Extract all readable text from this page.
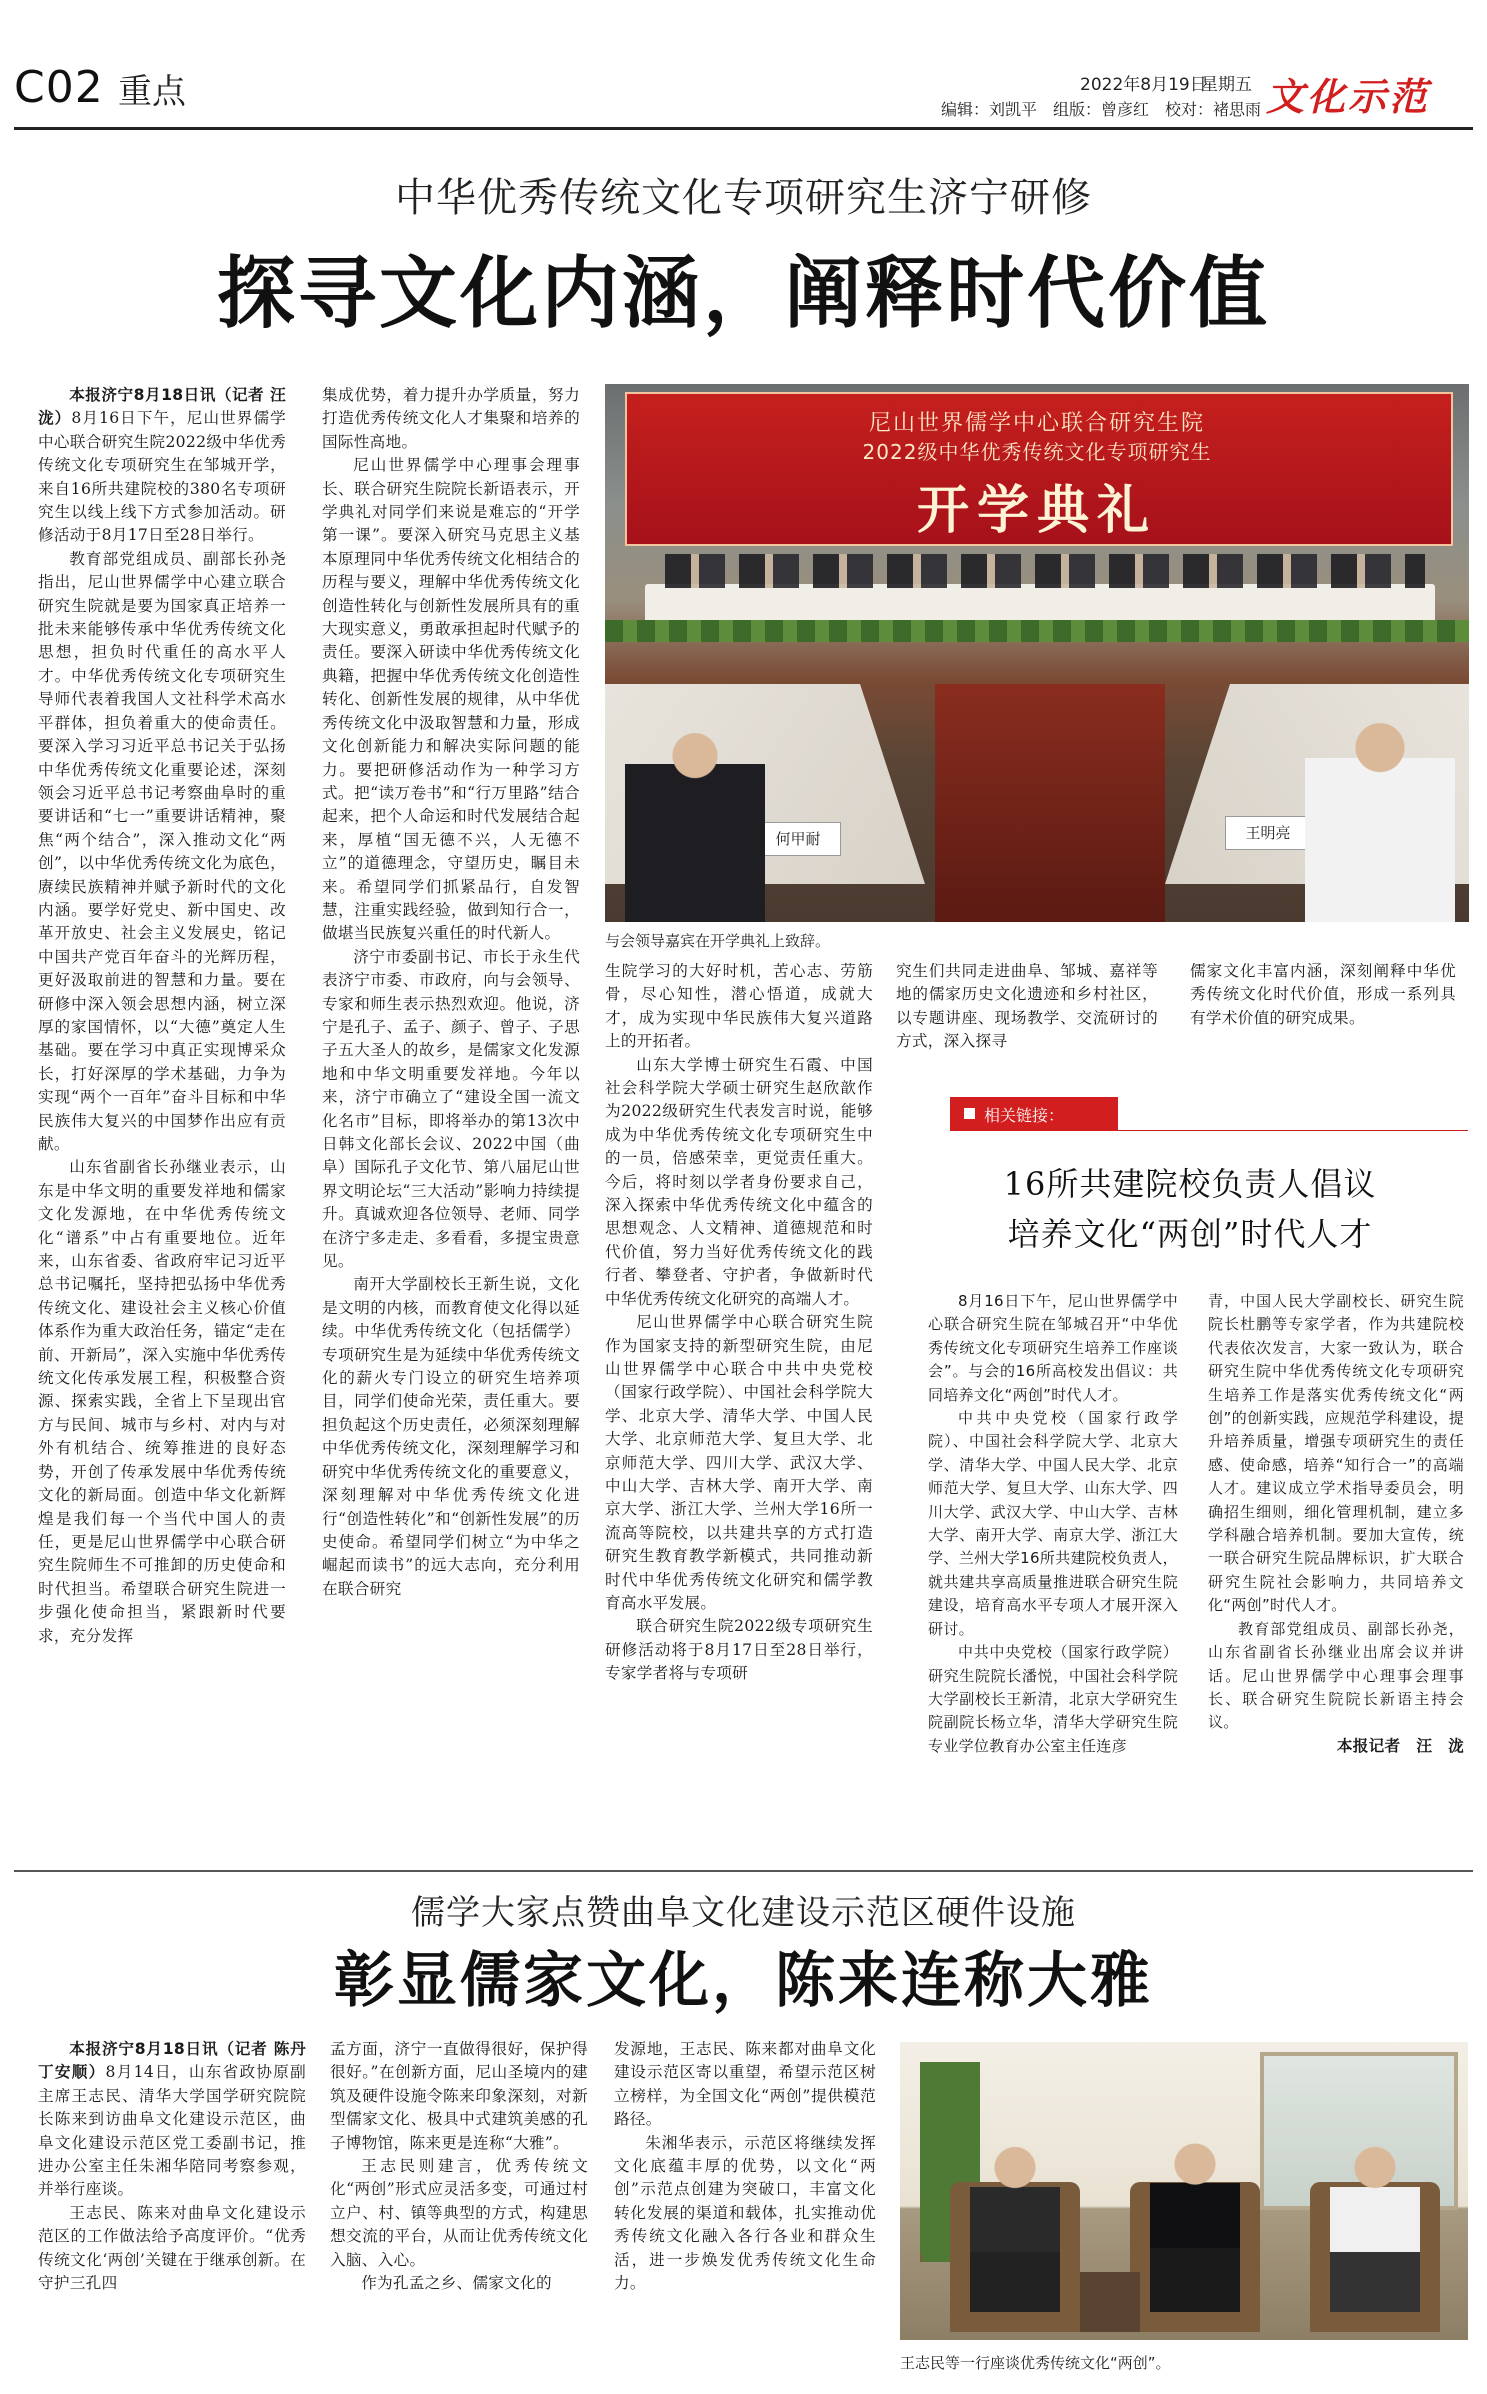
C02 重点	2022年8月19日
星期五
编辑：刘凯平　组版：曾彦红　校对：褚思雨 文化示范
中华优秀传统文化专项研究生济宁研修
探寻文化内涵，阐释时代价值
尼山世界儒学中心联合研究生院
2022级中华优秀传统文化专项研究生
开学典礼
何甲耐	王明亮
与会领导嘉宾在开学典礼上致辞。

本报济宁8月18日讯（记者 汪泷）8月16日下午，尼山世界儒学中心联合研究生院2022级中华优秀传统文化专项研究生在邹城开学，来自16所共建院校的380名专项研究生以线上线下方式参加活动。研修活动于8月17日至28日举行。

教育部党组成员、副部长孙尧指出，尼山世界儒学中心建立联合研究生院就是要为国家真正培养一批未来能够传承中华优秀传统文化思想，担负时代重任的高水平人才。中华优秀传统文化专项研究生导师代表着我国人文社科学术高水平群体，担负着重大的使命责任。要深入学习习近平总书记关于弘扬中华优秀传统文化重要论述，深刻领会习近平总书记考察曲阜时的重要讲话和“七一”重要讲话精神，聚焦“两个结合”，深入推动文化“两创”，以中华优秀传统文化为底色，赓续民族精神并赋予新时代的文化内涵。要学好党史、新中国史、改革开放史、社会主义发展史，铭记中国共产党百年奋斗的光辉历程，更好汲取前进的智慧和力量。要在研修中深入领会思想内涵，树立深厚的家国情怀，以“大德”奠定人生基础。要在学习中真正实现博采众长，打好深厚的学术基础，力争为实现“两个一百年”奋斗目标和中华民族伟大复兴的中国梦作出应有贡献。

山东省副省长孙继业表示，山东是中华文明的重要发祥地和儒家文化发源地，在中华优秀传统文化“谱系”中占有重要地位。近年来，山东省委、省政府牢记习近平总书记嘱托，坚持把弘扬中华优秀传统文化、建设社会主义核心价值体系作为重大政治任务，锚定“走在前、开新局”，深入实施中华优秀传统文化传承发展工程，积极整合资源、探索实践，全省上下呈现出官方与民间、城市与乡村、对内与对外有机结合、统筹推进的良好态势，开创了传承发展中华优秀传统文化的新局面。创造中华文化新辉煌是我们每一个当代中国人的责任，更是尼山世界儒学中心联合研究生院师生不可推卸的历史使命和时代担当。希望联合研究生院进一步强化使命担当，紧跟新时代要求，充分发挥

集成优势，着力提升办学质量，努力打造优秀传统文化人才集聚和培养的国际性高地。

尼山世界儒学中心理事会理事长、联合研究生院院长新语表示，开学典礼对同学们来说是难忘的“开学第一课”。要深入研究马克思主义基本原理同中华优秀传统文化相结合的历程与要义，理解中华优秀传统文化创造性转化与创新性发展所具有的重大现实意义，勇敢承担起时代赋予的责任。要深入研读中华优秀传统文化典籍，把握中华优秀传统文化创造性转化、创新性发展的规律，从中华优秀传统文化中汲取智慧和力量，形成文化创新能力和解决实际问题的能力。要把研修活动作为一种学习方式。把“读万卷书”和“行万里路”结合起来，把个人命运和时代发展结合起来，厚植“国无德不兴，人无德不立”的道德理念，守望历史，瞩目未来。希望同学们抓紧品行，自发智慧，注重实践经验，做到知行合一，做堪当民族复兴重任的时代新人。

济宁市委副书记、市长于永生代表济宁市委、市政府，向与会领导、专家和师生表示热烈欢迎。他说，济宁是孔子、孟子、颜子、曾子、子思子五大圣人的故乡，是儒家文化发源地和中华文明重要发祥地。今年以来，济宁市确立了“建设全国一流文化名市”目标，即将举办的第13次中日韩文化部长会议、2022中国（曲阜）国际孔子文化节、第八届尼山世界文明论坛“三大活动”影响力持续提升。真诚欢迎各位领导、老师、同学在济宁多走走、多看看，多提宝贵意见。

南开大学副校长王新生说，文化是文明的内核，而教育使文化得以延续。中华优秀传统文化（包括儒学）专项研究生是为延续中华优秀传统文化的薪火专门设立的研究生培养项目，同学们使命光荣，责任重大。要担负起这个历史责任，必须深刻理解中华优秀传统文化，深刻理解学习和研究中华优秀传统文化的重要意义，深刻理解对中华优秀传统文化进行“创造性转化”和“创新性发展”的历史使命。希望同学们树立“为中华之崛起而读书”的远大志向，充分利用在联合研究

生院学习的大好时机，苦心志、劳筋骨，尽心知性，潜心悟道，成就大才，成为实现中华民族伟大复兴道路上的开拓者。

山东大学博士研究生石霞、中国社会科学院大学硕士研究生赵欣歆作为2022级研究生代表发言时说，能够成为中华优秀传统文化专项研究生中的一员，倍感荣幸，更觉责任重大。今后，将时刻以学者身份要求自己，深入探索中华优秀传统文化中蕴含的思想观念、人文精神、道德规范和时代价值，努力当好优秀传统文化的践行者、攀登者、守护者，争做新时代中华优秀传统文化研究的高端人才。

尼山世界儒学中心联合研究生院作为国家支持的新型研究生院，由尼山世界儒学中心联合中共中央党校（国家行政学院）、中国社会科学院大学、北京大学、清华大学、中国人民大学、北京师范大学、复旦大学、北京师范大学、四川大学、武汉大学、中山大学、吉林大学、南开大学、南京大学、浙江大学、兰州大学16所一流高等院校，以共建共享的方式打造研究生教育教学新模式，共同推动新时代中华优秀传统文化研究和儒学教育高水平发展。

联合研究生院2022级专项研究生研修活动将于8月17日至28日举行，专家学者将与专项研

究生们共同走进曲阜、邹城、嘉祥等地的儒家历史文化遗迹和乡村社区，以专题讲座、现场教学、交流研讨的方式，深入探寻

儒家文化丰富内涵，深刻阐释中华优秀传统文化时代价值，形成一系列具有学术价值的研究成果。

相关链接：
16所共建院校负责人倡议
培养文化“两创”时代人才

8月16日下午，尼山世界儒学中心联合研究生院在邹城召开“中华优秀传统文化专项研究生培养工作座谈会”。与会的16所高校发出倡议：共同培养文化“两创”时代人才。

中共中央党校（国家行政学院）、中国社会科学院大学、北京大学、清华大学、中国人民大学、北京师范大学、复旦大学、山东大学、四川大学、武汉大学、中山大学、吉林大学、南开大学、南京大学、浙江大学、兰州大学16所共建院校负责人，就共建共享高质量推进联合研究生院建设，培育高水平专项人才展开深入研讨。

中共中央党校（国家行政学院）研究生院院长潘悦，中国社会科学院大学副校长王新清，北京大学研究生院副院长杨立华，清华大学研究生院专业学位教育办公室主任连彦

青，中国人民大学副校长、研究生院院长杜鹏等专家学者，作为共建院校代表依次发言，大家一致认为，联合研究生院中华优秀传统文化专项研究生培养工作是落实优秀传统文化“两创”的创新实践，应规范学科建设，提升培养质量，增强专项研究生的责任感、使命感，培养“知行合一”的高端人才。建议成立学术指导委员会，明确招生细则，细化管理机制，建立多学科融合培养机制。要加大宣传，统一联合研究生院品牌标识，扩大联合研究生院社会影响力，共同培养文化“两创”时代人才。

教育部党组成员、副部长孙尧，山东省副省长孙继业出席会议并讲话。尼山世界儒学中心理事会理事长、联合研究生院院长新语主持会议。

本报记者　汪　泷
儒学大家点赞曲阜文化建设示范区硬件设施
彰显儒家文化，陈来连称大雅

本报济宁8月18日讯（记者 陈丹　丁安顺）8月14日，山东省政协原副主席王志民、清华大学国学研究院院长陈来到访曲阜文化建设示范区，曲阜文化建设示范区党工委副书记，推进办公室主任朱湘华陪同考察参观，并举行座谈。

王志民、陈来对曲阜文化建设示范区的工作做法给予高度评价。“优秀传统文化‘两创’关键在于继承创新。在守护三孔四

孟方面，济宁一直做得很好，保护得很好。”在创新方面，尼山圣境内的建筑及硬件设施令陈来印象深刻，对新型儒家文化、极具中式建筑美感的孔子博物馆，陈来更是连称“大雅”。

王志民则建言，优秀传统文化“两创”形式应灵活多变，可通过村立户、村、镇等典型的方式，构建思想交流的平台，从而让优秀传统文化入脑、入心。

作为孔孟之乡、儒家文化的

发源地，王志民、陈来都对曲阜文化建设示范区寄以重望，希望示范区树立榜样，为全国文化“两创”提供模范路径。

朱湘华表示，示范区将继续发挥文化底蕴丰厚的优势，以文化“两创”示范点创建为突破口，丰富文化转化发展的渠道和载体，扎实推动优秀传统文化融入各行各业和群众生活，进一步焕发优秀传统文化生命力。

王志民等一行座谈优秀传统文化“两创”。
